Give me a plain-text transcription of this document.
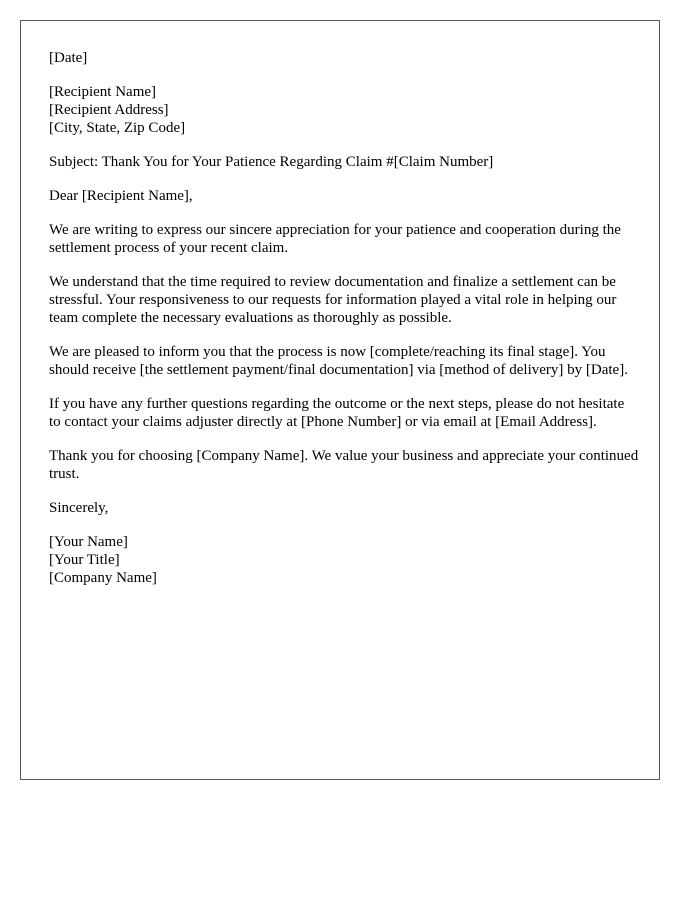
[Date]
[Recipient Name]
[Recipient Address]
[City, State, Zip Code]
Subject: Thank You for Your Patience Regarding Claim #[Claim Number]
Dear [Recipient Name],

We are writing to express our sincere appreciation for your patience and cooperation during the settlement process of your recent claim.

We understand that the time required to review documentation and finalize a settlement can be stressful. Your responsiveness to our requests for information played a vital role in helping our team complete the necessary evaluations as thoroughly as possible.

We are pleased to inform you that the process is now [complete/reaching its final stage]. You should receive [the settlement payment/final documentation] via [method of delivery] by [Date].

If you have any further questions regarding the outcome or the next steps, please do not hesitate to contact your claims adjuster directly at [Phone Number] or via email at [Email Address].

Thank you for choosing [Company Name]. We value your business and appreciate your continued trust.

Sincerely,
[Your Name]
[Your Title]
[Company Name]
